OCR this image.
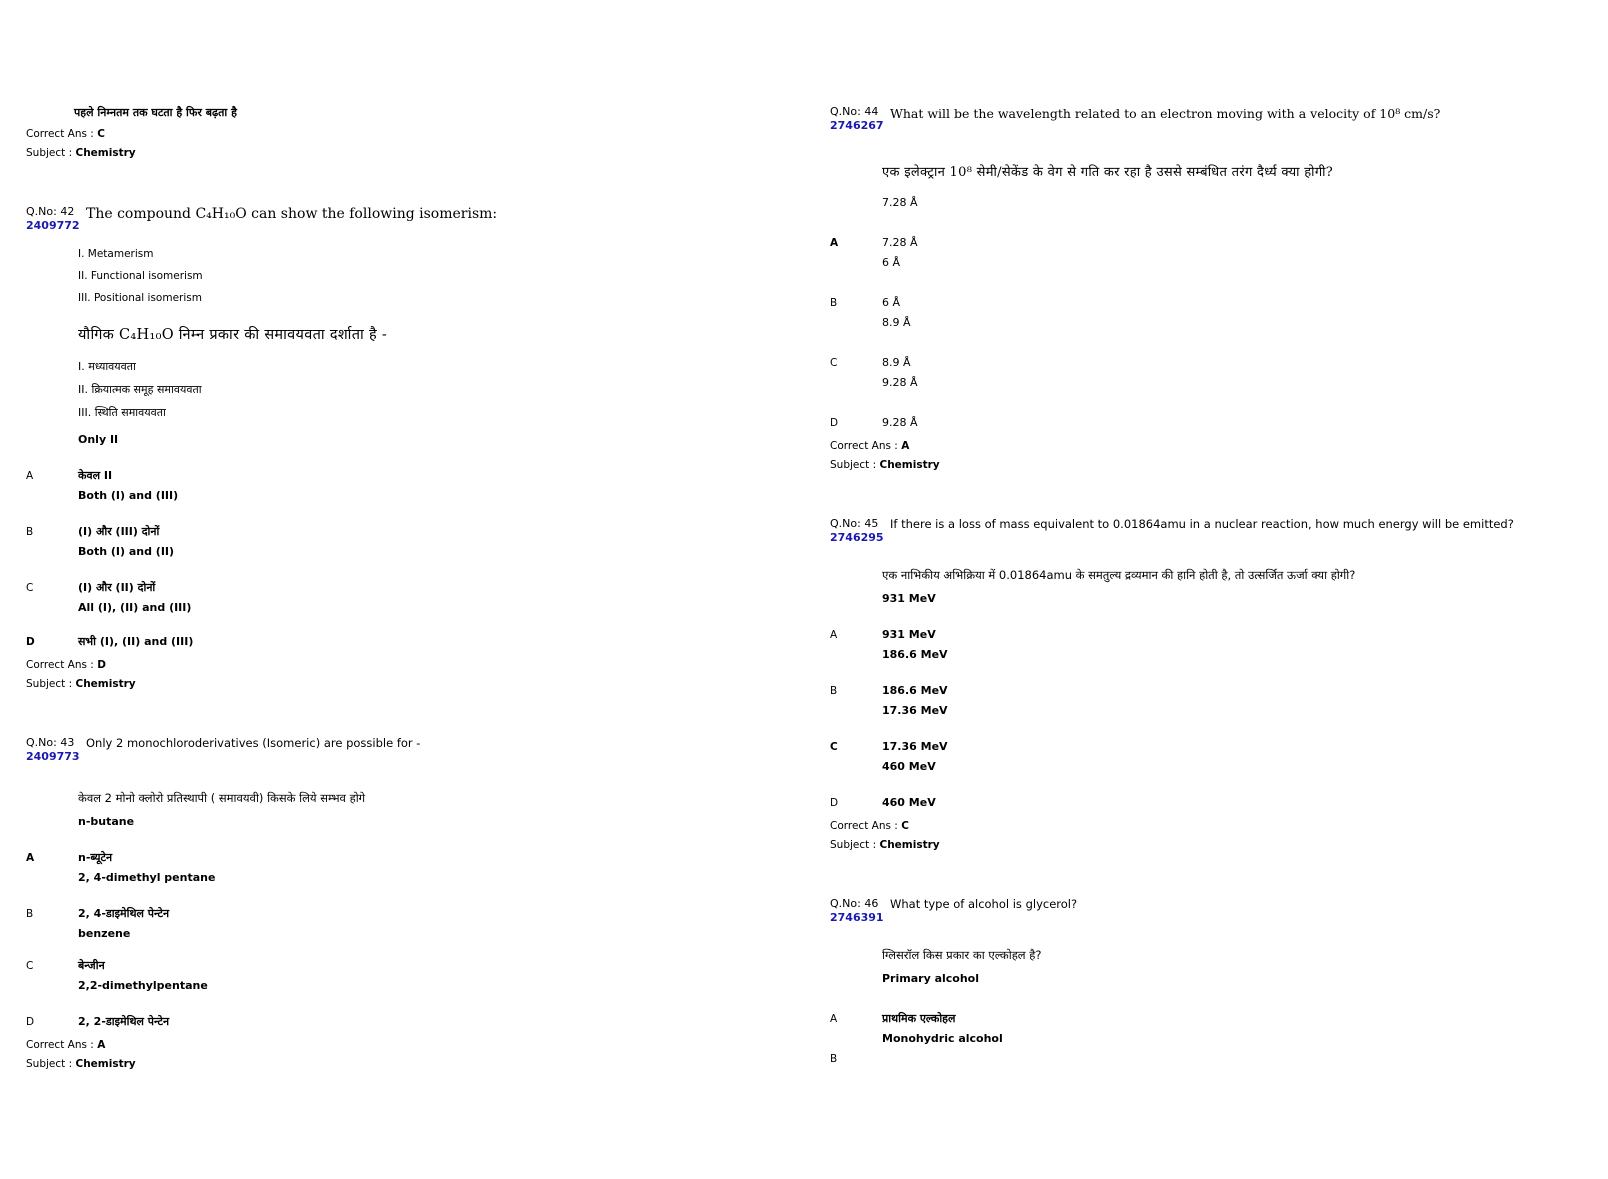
पहले निम्नतम तक घटता है फिर बढ़ता है
Correct Ans : C
Subject : Chemistry
Q.No: 42
2409772
The compound C₄H₁₀O can show the following isomerism:
I. Metamerism
II. Functional isomerism
III. Positional isomerism
यौगिक C₄H₁₀O निम्न प्रकार की समावयवता दर्शाता है -
I. मध्यावयवता
II. क्रियात्मक समूह समावयवता
III. स्थिति समावयवता
Only II
A	केवल II
Both (I) and (III)
B	(I) और (III) दोनों
Both (I) and (II)
C	(I) और (II) दोनों
All (I), (II) and (III)
D	सभी (I), (II) and (III)
Correct Ans : D
Subject : Chemistry
Q.No: 43
2409773
Only 2 monochloroderivatives (Isomeric) are possible for -
केवल 2 मोनो क्लोरो प्रतिस्थापी ( समावयवी) किसके लिये सम्भव होगे
n-butane
A	n-ब्यूटेन
2, 4-dimethyl pentane
B	2, 4-डाइमेथिल पेन्टेन
benzene
C	बेन्जीन
2,2-dimethylpentane
D	2, 2-डाइमेथिल पेन्टेन
Correct Ans : A
Subject : Chemistry
Q.No: 44
2746267
What will be the wavelength related to an electron moving with a velocity of 10⁸ cm/s?
एक इलेक्ट्रान 10⁸ सेमी/सेकेंड के वेग से गति कर रहा है उससे सम्बंधित तरंग दैर्ध्य क्या होगी?
7.28 Å
A	7.28 Å
6 Å
B	6 Å
8.9 Å
C	8.9 Å
9.28 Å
D	9.28 Å
Correct Ans : A
Subject : Chemistry
Q.No: 45
2746295
If there is a loss of mass equivalent to 0.01864amu in a nuclear reaction, how much energy will be emitted?
एक नाभिकीय अभिक्रिया में 0.01864amu के समतुल्य द्रव्यमान की हानि होती है, तो उत्सर्जित ऊर्जा क्या होगी?
931 MeV
A	931 MeV
186.6 MeV
B	186.6 MeV
17.36 MeV
C	17.36 MeV
460 MeV
D	460 MeV
Correct Ans : C
Subject : Chemistry
Q.No: 46
2746391
What type of alcohol is glycerol?
ग्लिसरॉल किस प्रकार का एल्कोहल है?
Primary alcohol
A	प्राथमिक एल्कोहल
Monohydric alcohol
B
